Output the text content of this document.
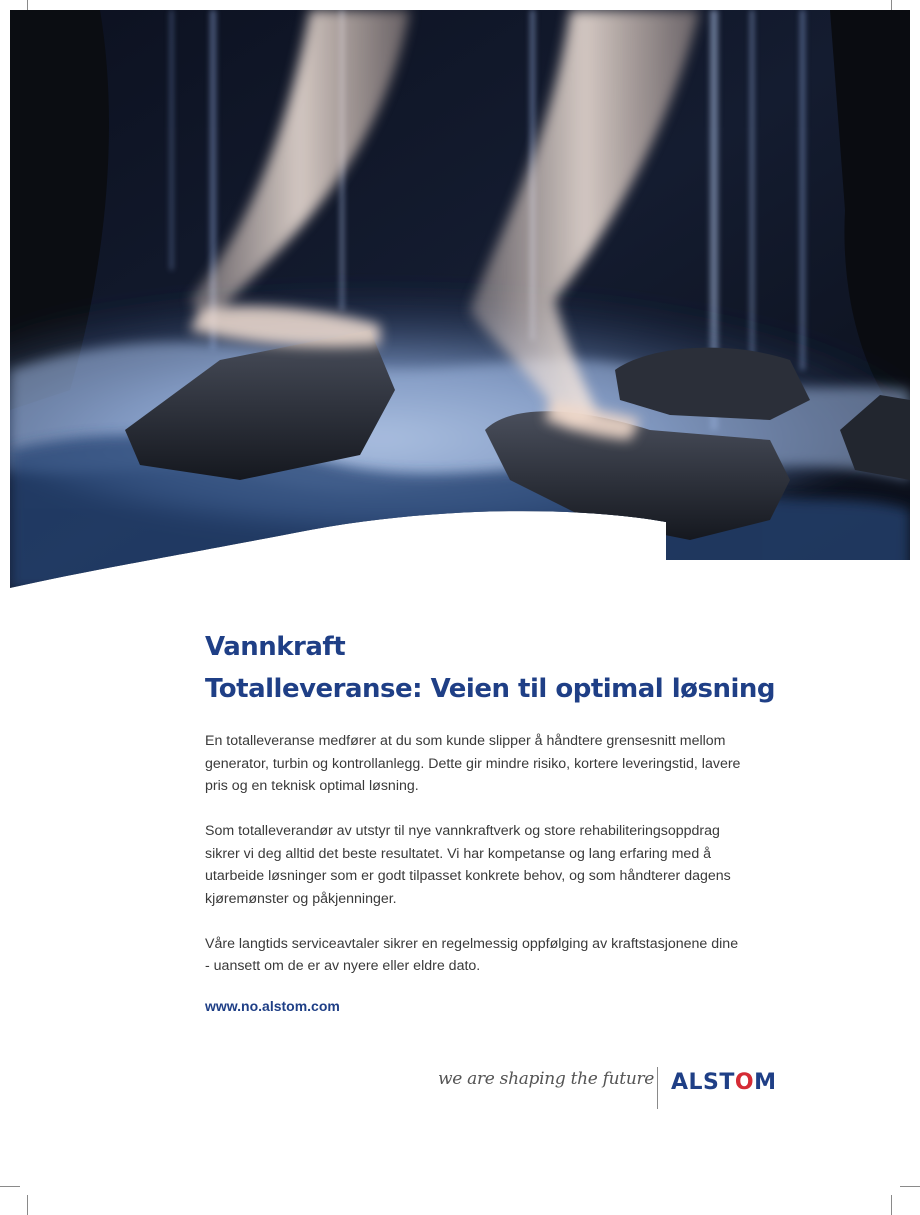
Vannkraft
Totalleveranse: Veien til optimal løsning

En totalleveranse medfører at du som kunde slipper å håndtere grensesnitt mellom
generator, turbin og kontrollanlegg. Dette gir mindre risiko, kortere leveringstid, lavere
pris og en teknisk optimal løsning.

Som totalleverandør av utstyr til nye vannkraftverk og store rehabiliteringsoppdrag
sikrer vi deg alltid det beste resultatet. Vi har kompetanse og lang erfaring med å
utarbeide løsninger som er godt tilpasset konkrete behov, og som håndterer dagens
kjøremønster og påkjenninger.

Våre langtids serviceavtaler sikrer en regelmessig oppfølging av kraftstasjonene dine
- uansett om de er av nyere eller eldre dato.

www.no.alstom.com
we are shaping the future ALSTOM
